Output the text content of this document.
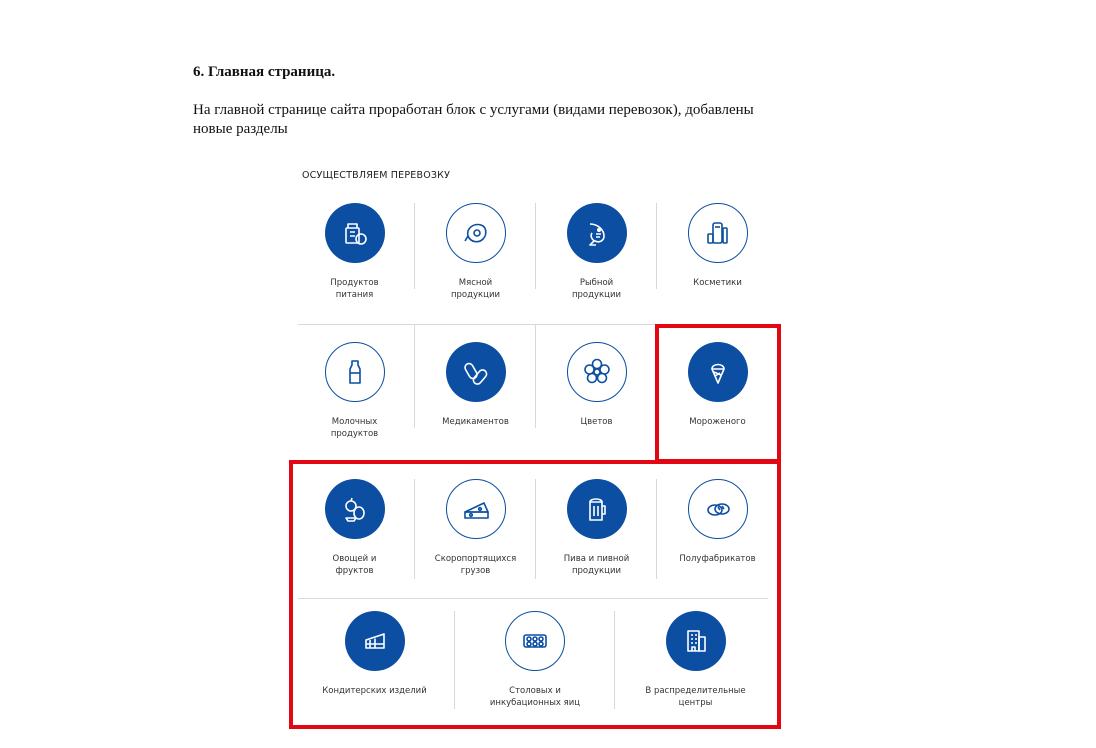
6. Главная страница.
На главной странице сайта проработан блок с услугами (видами перевозок), добавлены
новые разделы
ОСУЩЕСТВЛЯЕМ ПЕРЕВОЗКУ
Продуктов
питания
Мясной
продукции
Рыбной
продукции
Косметики
Молочных
продуктов
Медикаментов	Цветов	Мороженого
Овощей и
фруктов
Скоропортящихся
грузов
Пива и пивной
продукции
Полуфабрикатов
Кондитерских изделий	Столовых и
инкубационных яиц
В распределительные
центры
